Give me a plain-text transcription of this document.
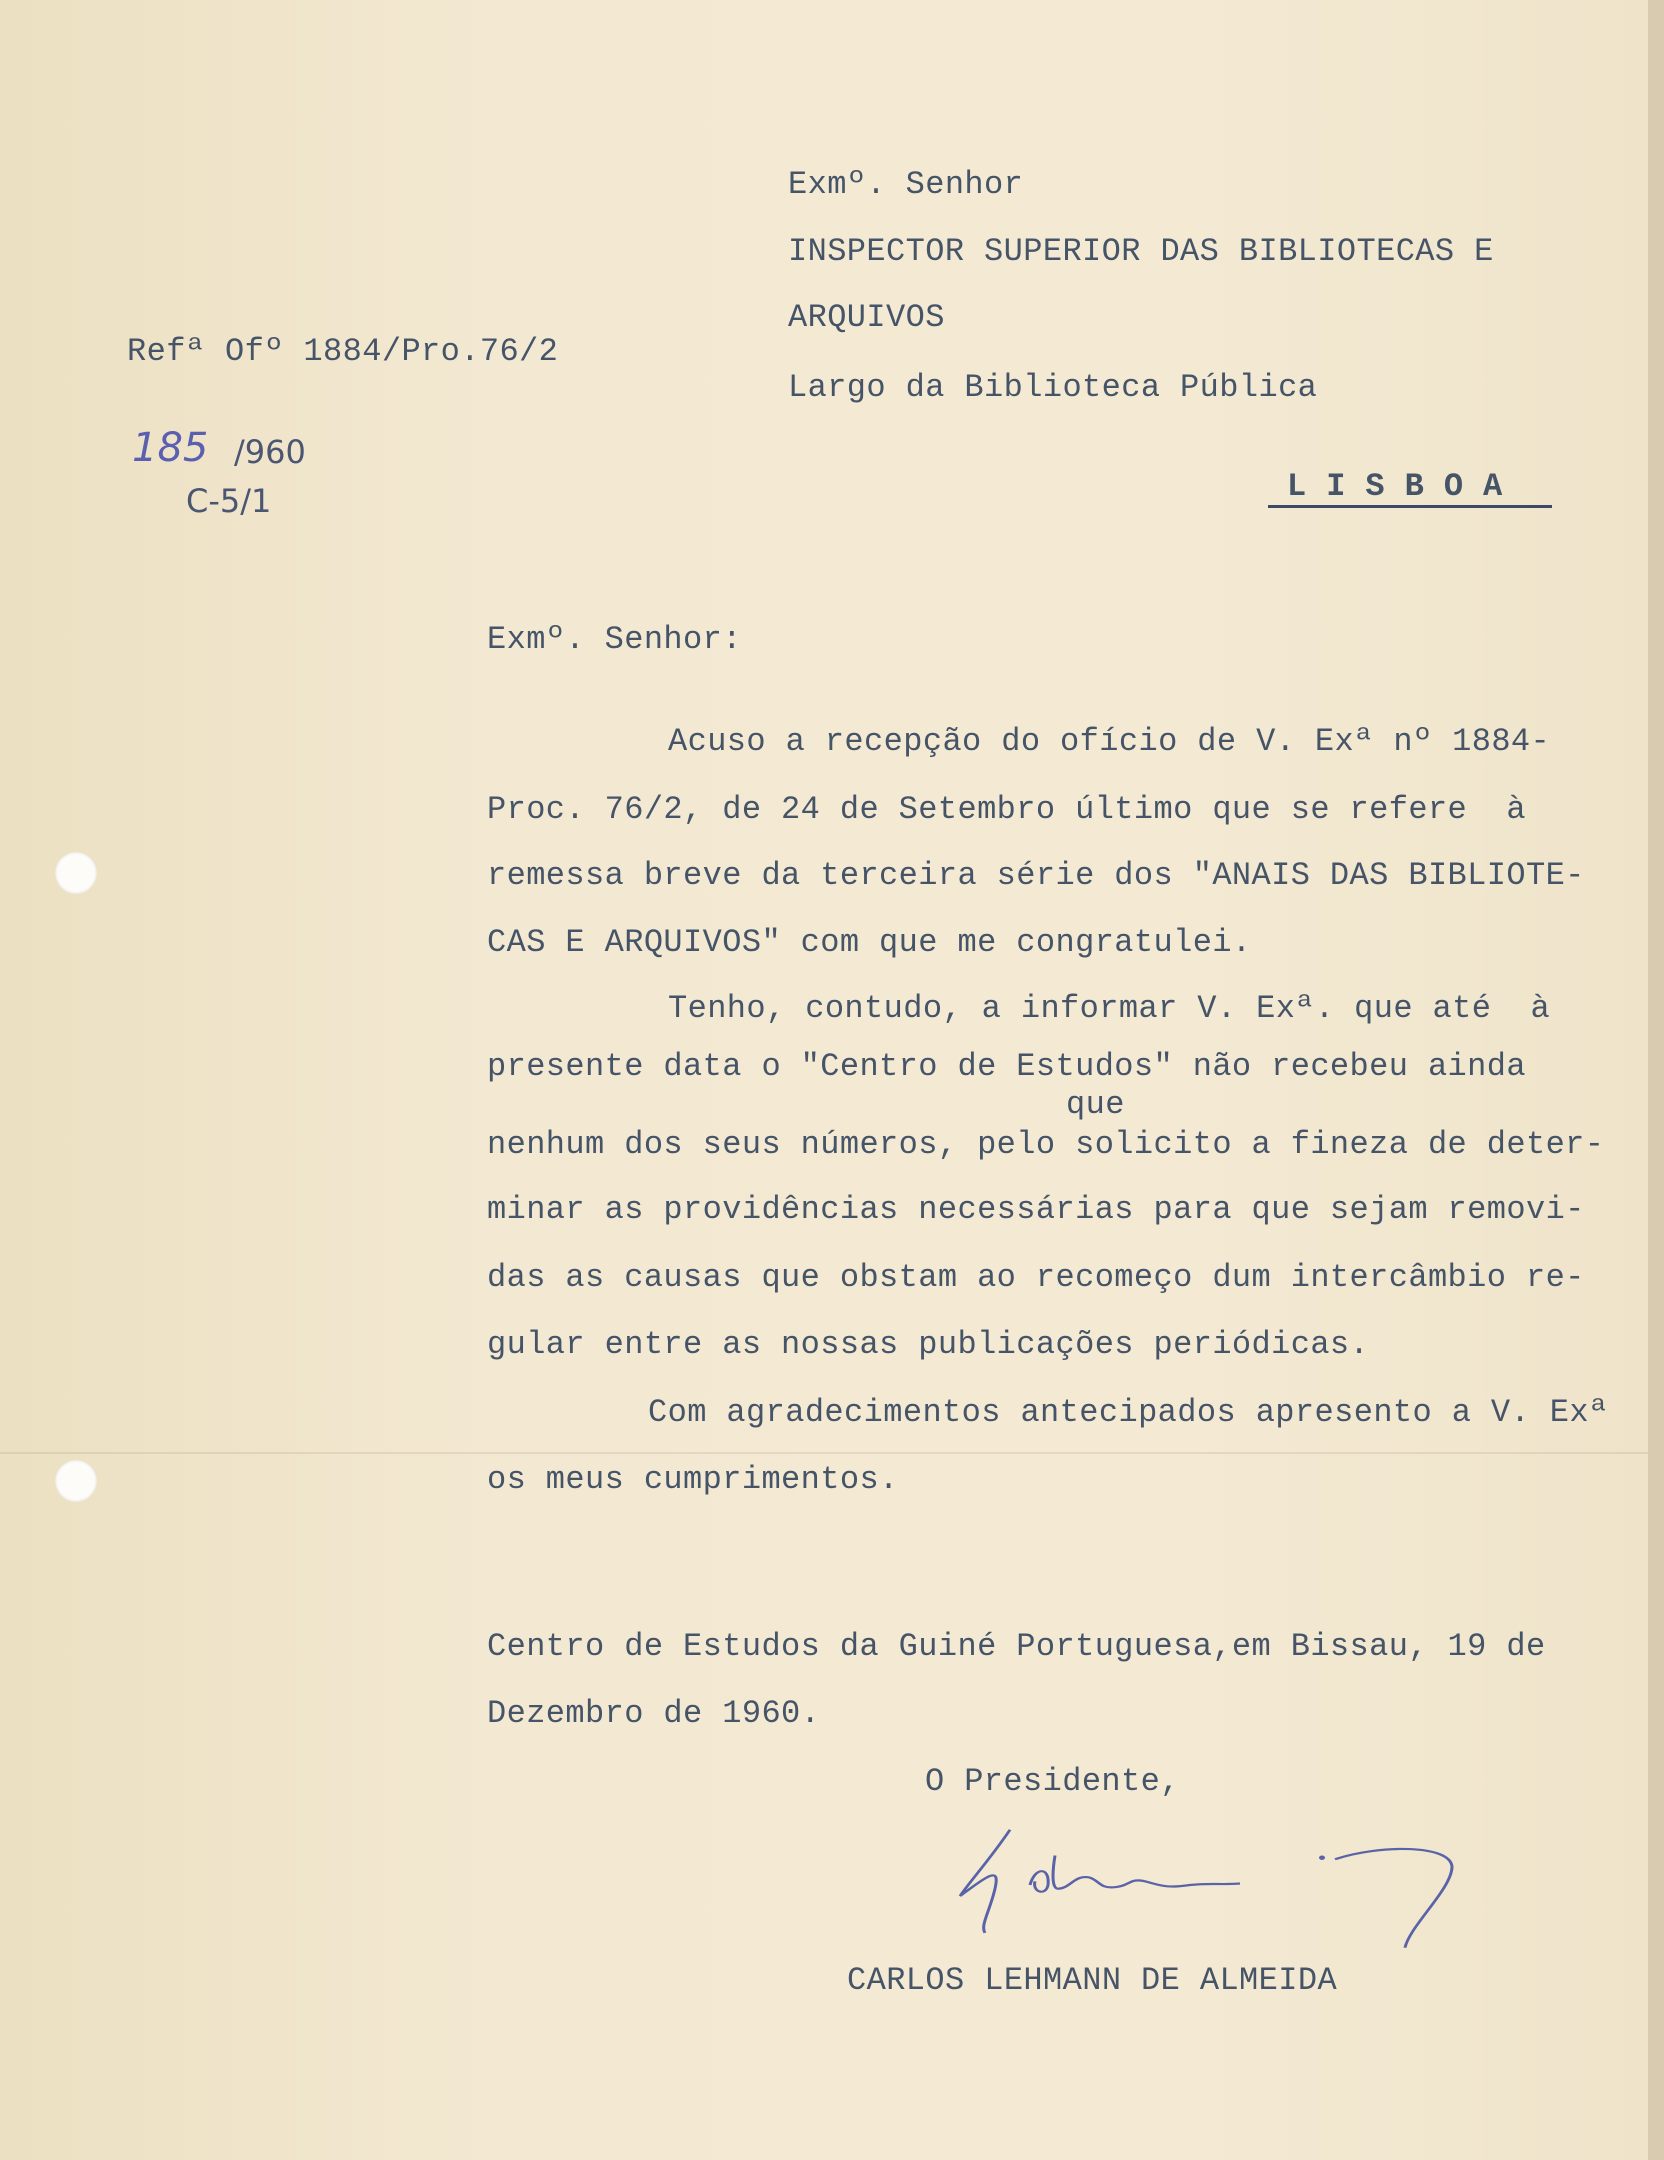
Exmº. Senhor
INSPECTOR SUPERIOR DAS BIBLIOTECAS E
ARQUIVOS
Largo da Biblioteca Pública
L I S B O A
Refª Ofº 1884/Pro.76/2
185 /960
C-5/1
Exmº. Senhor:
Acuso a recepção do ofício de V. Exª nº 1884-
Proc. 76/2, de 24 de Setembro último que se refere  à
remessa breve da terceira série dos "ANAIS DAS BIBLIOTE-
CAS E ARQUIVOS" com que me congratulei.
Tenho, contudo, a informar V. Exª. que até  à
presente data o "Centro de Estudos" não recebeu ainda
que
nenhum dos seus números, pelo solicito a fineza de deter-
minar as providências necessárias para que sejam removi-
das as causas que obstam ao recomeço dum intercâmbio re-
gular entre as nossas publicações periódicas.
Com agradecimentos antecipados apresento a V. Exª
os meus cumprimentos.
Centro de Estudos da Guiné Portuguesa,em Bissau, 19 de
Dezembro de 1960.
O Presidente,
CARLOS LEHMANN DE ALMEIDA
